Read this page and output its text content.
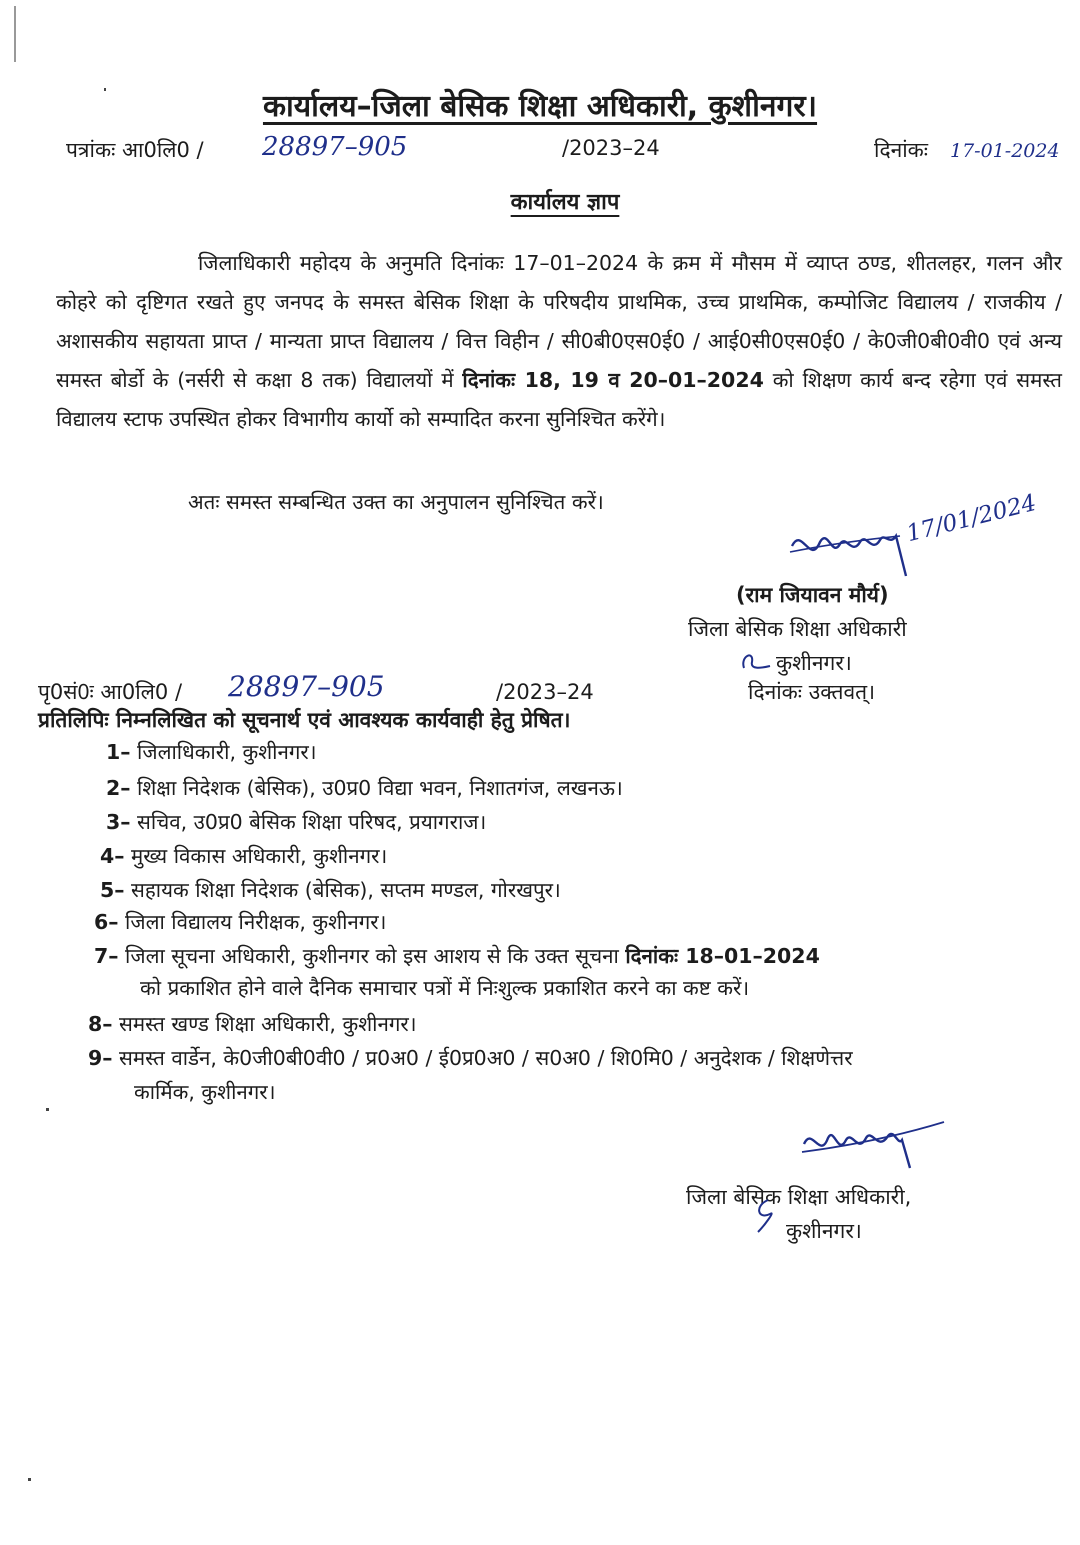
कार्यालय–जिला बेसिक शिक्षा अधिकारी, कुशीनगर।
पत्रांकः आ0लि0 / 28897–905	/2023–24	दिनांकः 17-01-2024
कार्यालय ज्ञाप
जिलाधिकारी महोदय के अनुमति दिनांकः 17–01–2024 के क्रम में मौसम में व्याप्त ठण्ड, शीतलहर, गलन और कोहरे को दृष्टिगत रखते हुए जनपद के समस्त बेसिक शिक्षा के परिषदीय प्राथमिक, उच्च प्राथमिक, कम्पोजिट विद्यालय / राजकीय / अशासकीय सहायता प्राप्त / मान्यता प्राप्त विद्यालय / वित्त विहीन / सी0बी0एस0ई0 / आई0सी0एस0ई0 / के0जी0बी0वी0 एवं अन्य समस्त बोर्डो के (नर्सरी से कक्षा 8 तक) विद्यालयों में दिनांकः 18, 19 व 20–01–2024 को शिक्षण कार्य बन्द रहेगा एवं समस्त विद्यालय स्टाफ उपस्थित होकर विभागीय कार्यो को सम्पादित करना सुनिश्चित करेंगे।
अतः समस्त सम्बन्धित उक्त का अनुपालन सुनिश्चित करें।	17/01/2024
(राम जियावन मौर्य)
जिला बेसिक शिक्षा अधिकारी
कुशीनगर।
पृ0सं0ः आ0लि0 / 28897–905	/2023–24	दिनांकः उक्तवत्।
प्रतिलिपिः निम्नलिखित को सूचनार्थ एवं आवश्यक कार्यवाही हेतु प्रेषित।
1– जिलाधिकारी, कुशीनगर।
2– शिक्षा निदेशक (बेसिक), उ0प्र0 विद्या भवन, निशातगंज, लखनऊ।
3– सचिव, उ0प्र0 बेसिक शिक्षा परिषद, प्रयागराज।
4– मुख्य विकास अधिकारी, कुशीनगर।
5– सहायक शिक्षा निदेशक (बेसिक), सप्तम मण्डल, गोरखपुर।
6– जिला विद्यालय निरीक्षक, कुशीनगर।
7– जिला सूचना अधिकारी, कुशीनगर को इस आशय से कि उक्त सूचना दिनांकः 18–01–2024
को प्रकाशित होने वाले दैनिक समाचार पत्रों में निःशुल्क प्रकाशित करने का कष्ट करें।
8– समस्त खण्ड शिक्षा अधिकारी, कुशीनगर।
9– समस्त वार्डेन, के0जी0बी0वी0 / प्र0अ0 / ई0प्र0अ0 / स0अ0 / शि0मि0 / अनुदेशक / शिक्षणेत्तर
कार्मिक, कुशीनगर।
जिला बेसिक शिक्षा अधिकारी,
कुशीनगर।
